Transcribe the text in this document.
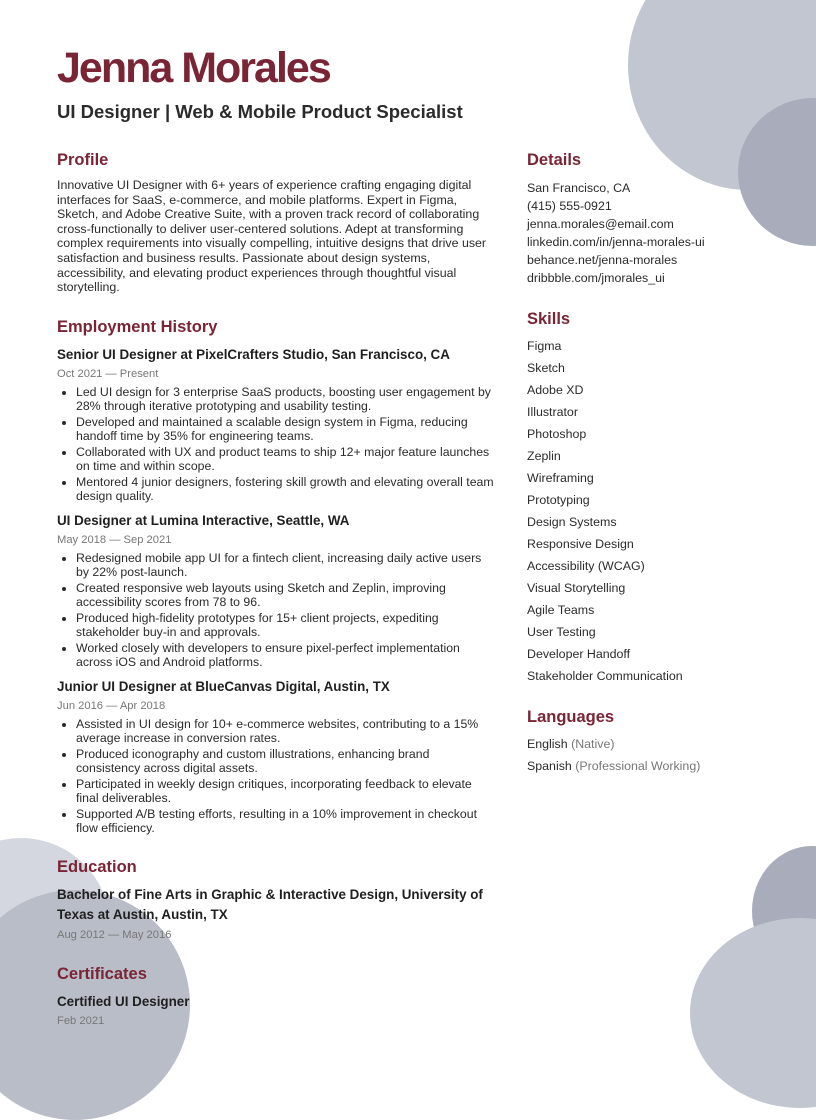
Jenna Morales
UI Designer | Web & Mobile Product Specialist
Profile

Innovative UI Designer with 6+ years of experience crafting engaging digital interfaces for SaaS, e-commerce, and mobile platforms. Expert in Figma, Sketch, and Adobe Creative Suite, with a proven track record of collaborating cross-functionally to deliver user-centered solutions. Adept at transforming complex requirements into visually compelling, intuitive designs that drive user satisfaction and business results. Passionate about design systems, accessibility, and elevating product experiences through thoughtful visual storytelling.

Employment History

Senior UI Designer at PixelCrafters Studio, San Francisco, CA

Oct 2021 — Present

• Led UI design for 3 enterprise SaaS products, boosting user engagement by 28% through iterative prototyping and usability testing.
• Developed and maintained a scalable design system in Figma, reducing handoff time by 35% for engineering teams.
• Collaborated with UX and product teams to ship 12+ major feature launches on time and within scope.
• Mentored 4 junior designers, fostering skill growth and elevating overall team design quality.

UI Designer at Lumina Interactive, Seattle, WA

May 2018 — Sep 2021

• Redesigned mobile app UI for a fintech client, increasing daily active users by 22% post-launch.
• Created responsive web layouts using Sketch and Zeplin, improving accessibility scores from 78 to 96.
• Produced high-fidelity prototypes for 15+ client projects, expediting stakeholder buy-in and approvals.
• Worked closely with developers to ensure pixel-perfect implementation across iOS and Android platforms.

Junior UI Designer at BlueCanvas Digital, Austin, TX

Jun 2016 — Apr 2018

• Assisted in UI design for 10+ e-commerce websites, contributing to a 15% average increase in conversion rates.
• Produced iconography and custom illustrations, enhancing brand consistency across digital assets.
• Participated in weekly design critiques, incorporating feedback to elevate final deliverables.
• Supported A/B testing efforts, resulting in a 10% improvement in checkout flow efficiency.
Education

Bachelor of Fine Arts in Graphic & Interactive Design, University of Texas at Austin, Austin, TX

Aug 2012 — May 2016

Certificates

Certified UI Designer

Feb 2021

Details
San Francisco, CA
(415) 555-0921
jenna.morales@email.com
linkedin.com/in/jenna-morales-ui
behance.net/jenna-morales
dribbble.com/jmorales_ui
Skills
Figma
Sketch
Adobe XD
Illustrator
Photoshop
Zeplin
Wireframing
Prototyping
Design Systems
Responsive Design
Accessibility (WCAG)
Visual Storytelling
Agile Teams
User Testing
Developer Handoff
Stakeholder Communication
Languages
English (Native)
Spanish (Professional Working)
